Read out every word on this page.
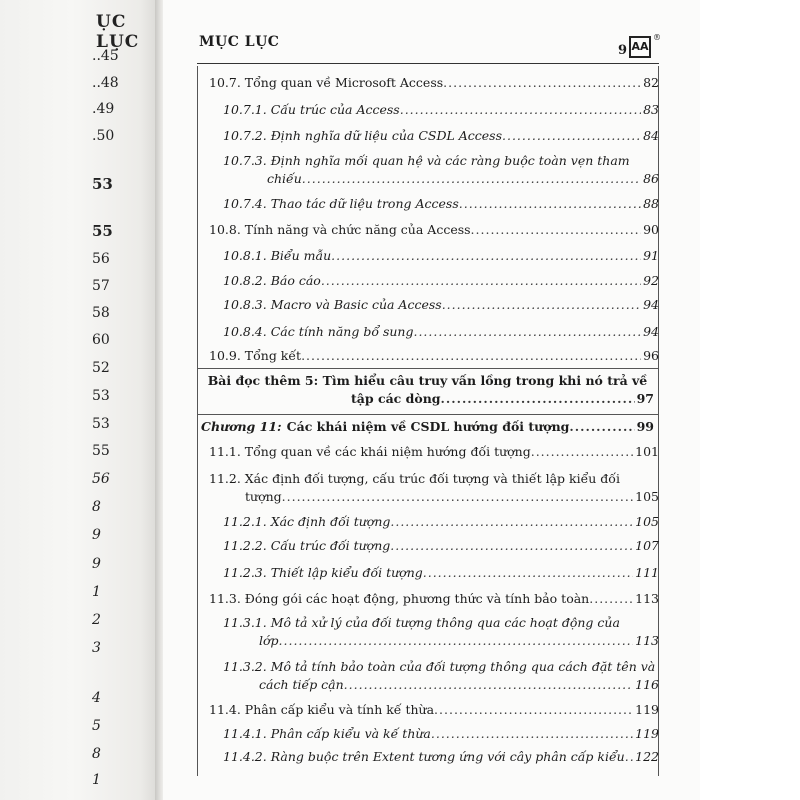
ỤC LỤC
..45
..48
.49
.50
53
55
56
57
58
60
52
53
53
55
56
8
9
9
1
2
3
4
5
8
1
MỤC LỤC
9 AA
®
10.7. Tổng quan về Microsoft Access .....	82
10.7.1. Cấu trúc của Access .....	83
10.7.2. Định nghĩa dữ liệu của CSDL Access .....	84
10.7.3. Định nghĩa mối quan hệ và các ràng buộc toàn vẹn tham
chiếu .....	86
10.7.4. Thao tác dữ liệu trong Access .....	88
10.8. Tính năng và chức năng của Access .....	90
10.8.1. Biểu mẫu .....	91
10.8.2. Báo cáo .....	92
10.8.3. Macro và Basic của Access .....	94
10.8.4. Các tính năng bổ sung .....	94
10.9. Tổng kết .....	96
Bài đọc thêm 5: Tìm hiểu câu truy vấn lồng trong khi nó trả về
tập các dòng .....	97
Chương 11: Các khái niệm về CSDL hướng đối tượng .....	99
11.1. Tổng quan về các khái niệm hướng đối tượng .....	101
11.2. Xác định đối tượng, cấu trúc đối tượng và thiết lập kiểu đối
tượng .....	105
11.2.1. Xác định đối tượng .....	105
11.2.2. Cấu trúc đối tượng .....	107
11.2.3. Thiết lập kiểu đối tượng .....	111
11.3. Đóng gói các hoạt động, phương thức và tính bảo toàn .....	113
11.3.1. Mô tả xử lý của đối tượng thông qua các hoạt động của
lớp .....	113
11.3.2. Mô tả tính bảo toàn của đối tượng thông qua cách đặt tên và
cách tiếp cận .....	116
11.4. Phân cấp kiểu và tính kế thừa .....	119
11.4.1. Phân cấp kiểu và kế thừa .....	119
11.4.2. Ràng buộc trên Extent tương ứng với cây phân cấp kiểu ..... 122
